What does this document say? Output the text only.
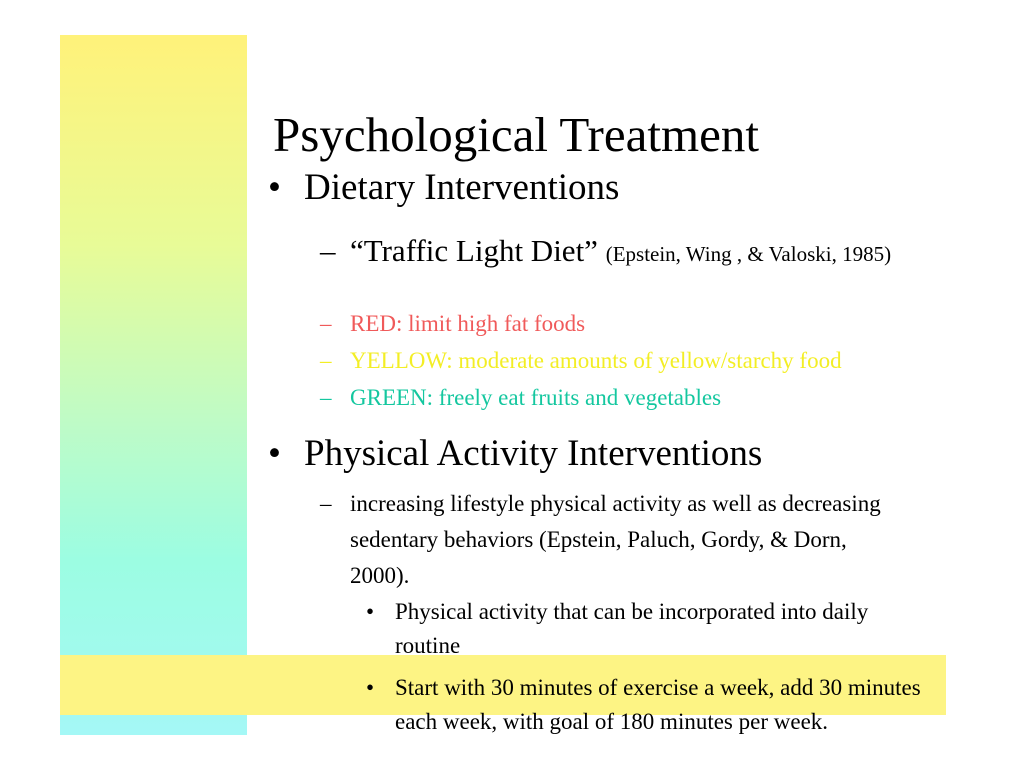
Psychological Treatment
• Dietary Interventions
– “Traffic Light Diet” (Epstein, Wing , & Valoski, 1985)
– RED: limit high fat foods
– YELLOW: moderate amounts of yellow/starchy food
– GREEN: freely eat fruits and vegetables
• Physical Activity Interventions
– increasing lifestyle physical activity as well as decreasing sedentary behaviors (Epstein, Paluch, Gordy, & Dorn, 2000).
• Physical activity that can be incorporated into daily routine
• Start with 30 minutes of exercise a week, add 30 minutes each week, with goal of 180 minutes per week.
